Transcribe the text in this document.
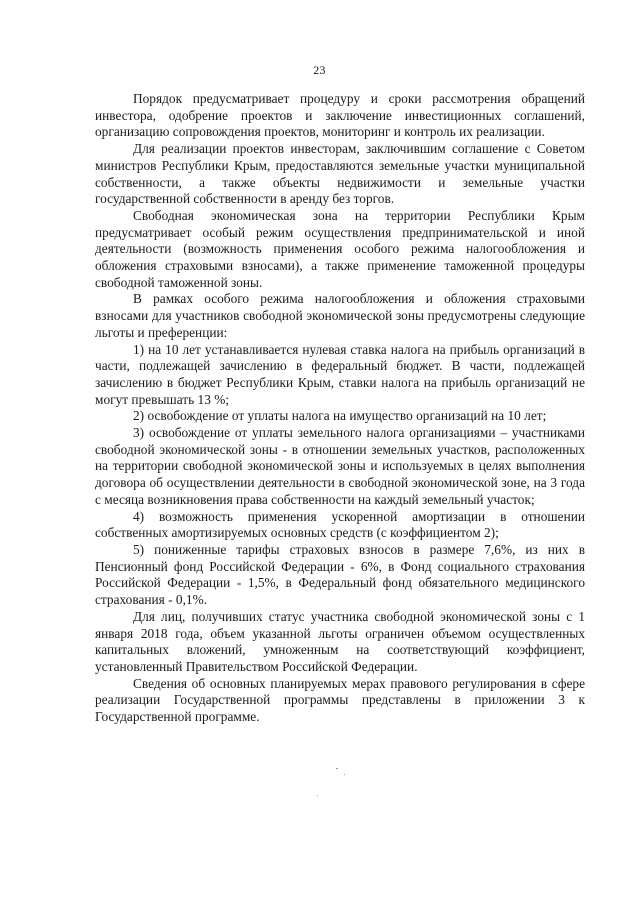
23

Порядок предусматривает процедуру и сроки рассмотрения обращений инвестора, одобрение проектов и заключение инвестиционных соглашений, организацию сопровождения проектов, мониторинг и контроль их реализации.

Для реализации проектов инвесторам, заключившим соглашение с Советом министров Республики Крым, предоставляются земельные участки муниципальной собственности, а также объекты недвижимости и земельные участки государственной собственности в аренду без торгов.

Свободная экономическая зона на территории Республики Крым предусматривает особый режим осуществления предпринимательской и иной деятельности (возможность применения особого режима налогообложения и обложения страховыми взносами), а также применение таможенной процедуры свободной таможенной зоны.

В рамках особого режима налогообложения и обложения страховыми взносами для участников свободной экономической зоны предусмотрены следующие льготы и преференции:

1) на 10 лет устанавливается нулевая ставка налога на прибыль организаций в части, подлежащей зачислению в федеральный бюджет. В части, подлежащей зачислению в бюджет Республики Крым, ставки налога на прибыль организаций не могут превышать 13 %;

2) освобождение от уплаты налога на имущество организаций на 10 лет;

3) освобождение от уплаты земельного налога организациями – участниками свободной экономической зоны - в отношении земельных участков, расположенных на территории свободной экономической зоны и используемых в целях выполнения договора об осуществлении деятельности в свободной экономической зоне, на 3 года с месяца возникновения права собственности на каждый земельный участок;

4) возможность применения ускоренной амортизации в отношении собственных амортизируемых основных средств (с коэффициентом 2);

5) пониженные тарифы страховых взносов в размере 7,6%, из них в Пенсионный фонд Российской Федерации - 6%, в Фонд социального страхования Российской Федерации - 1,5%, в Федеральный фонд обязательного медицинского страхования - 0,1%.

Для лиц, получивших статус участника свободной экономической зоны с 1 января 2018 года, объем указанной льготы ограничен объемом осуществленных капитальных вложений, умноженным на соответствующий коэффициент, установленный Правительством Российской Федерации.

Сведения об основных планируемых мерах правового регулирования в сфере реализации Государственной программы представлены в приложении 3 к Государственной программе.
